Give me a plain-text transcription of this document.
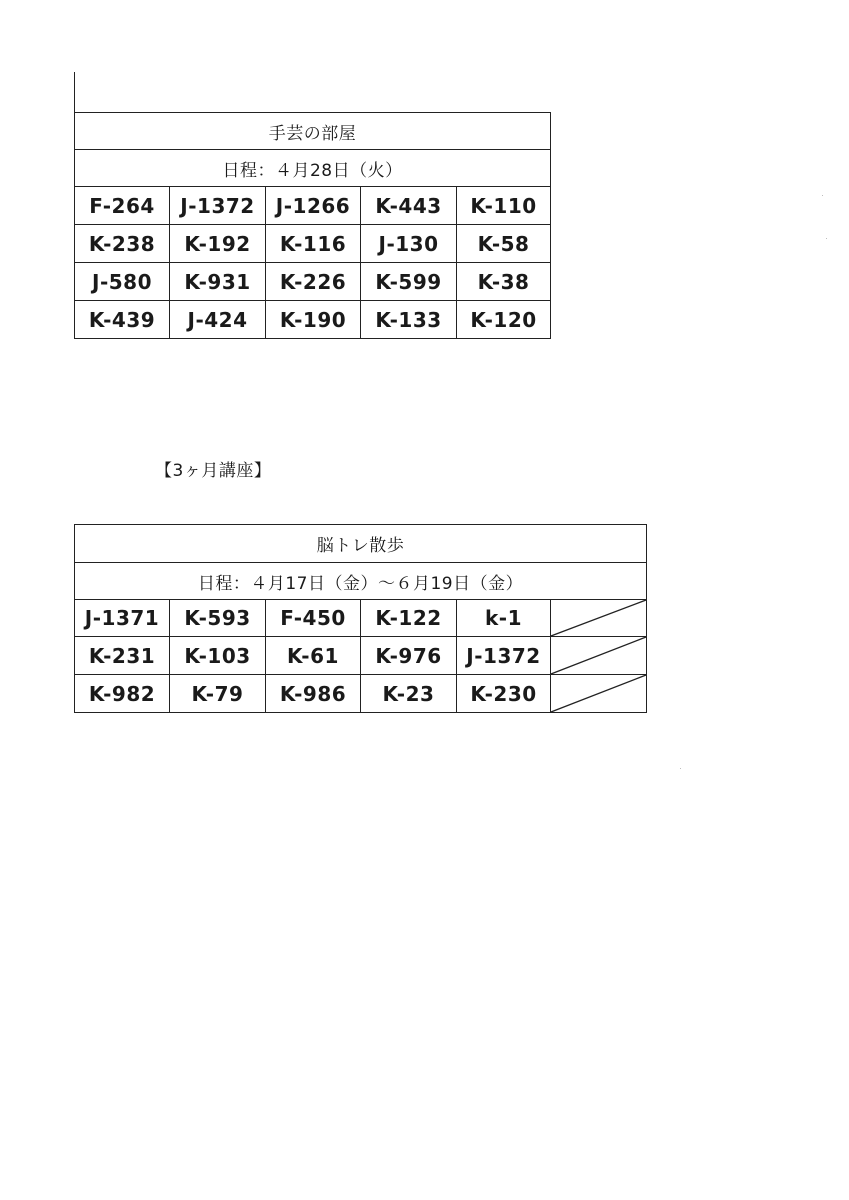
手芸の部屋				
日程：４月28日（火）				
F-264	J-1372	J-1266	K-443	K-110
K-238	K-192	K-116	J-130	K-58
J-580	K-931	K-226	K-599	K-38
K-439	J-424	K-190	K-133	K-120
【3ヶ月講座】
脳トレ散歩					
日程：４月17日（金）～６月19日（金）					
J-1371	K-593	F-450	K-122	k-1	

K-231	K-103	K-61	K-976	J-1372	

K-982	K-79	K-986	K-23	K-230	
